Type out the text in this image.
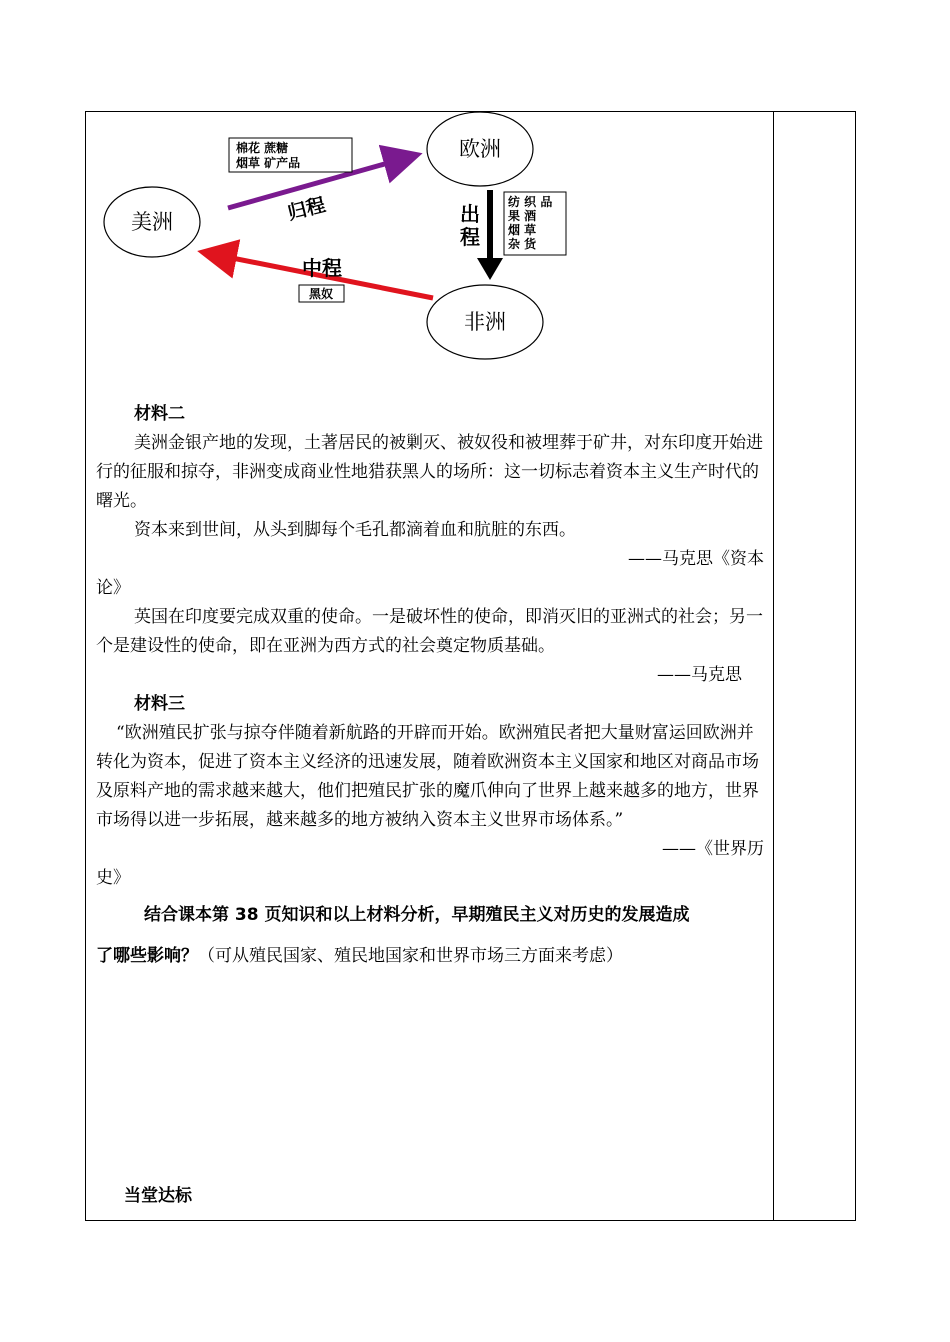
欧洲
美洲
非洲
归程
中程
出
程
棉花 蔗糖
烟草 矿产品
纺 织 品
果 酒
烟 草
杂 货
黑奴

材料二

美洲金银产地的发现，土著居民的被剿灭、被奴役和被埋葬于矿井，对东印度开始进行的征服和掠夺，非洲变成商业性地猎获黑人的场所：这一切标志着资本主义生产时代的曙光。

资本来到世间，从头到脚每个毛孔都滴着血和肮脏的东西。

——马克思《资本

论》

英国在印度要完成双重的使命。一是破坏性的使命，即消灭旧的亚洲式的社会；另一个是建设性的使命，即在亚洲为西方式的社会奠定物质基础。

——马克思

材料三

“欧洲殖民扩张与掠夺伴随着新航路的开辟而开始。欧洲殖民者把大量财富运回欧洲并转化为资本，促进了资本主义经济的迅速发展，随着欧洲资本主义国家和地区对商品市场及原料产地的需求越来越大，他们把殖民扩张的魔爪伸向了世界上越来越多的地方，世界市场得以进一步拓展，越来越多的地方被纳入资本主义世界市场体系。”

——《世界历

史》

结合课本第 38 页知识和以上材料分析，早期殖民主义对历史的发展造成

了哪些影响？（可从殖民国家、殖民地国家和世界市场三方面来考虑）

当堂达标
